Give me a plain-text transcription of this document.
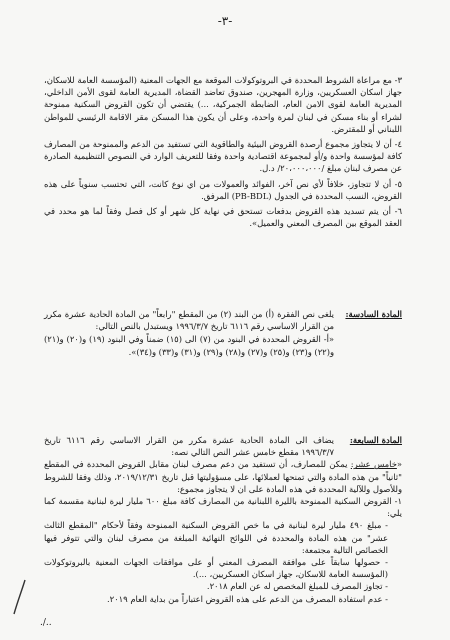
-٣-

٣- مع مراعاة الشروط المحددة في البروتوكولات الموقعة مع الجهات المعنية (المؤسسة العامة للاسكان، جهاز اسكان العسكريين، وزارة المهجرين، صندوق تعاضد القضاة، المديرية العامة لقوى الأمن الداخلي، المديرية العامة لقوى الامن العام، الضابطة الجمركية، ...) يقتضي أن تكون القروض السكنية ممنوحة لشراء أو بناء مسكن في لبنان لمرة واحدة، وعلى أن يكون هذا المسكن مقر الاقامة الرئيسي للمواطن اللبناني أو للمقترض.

٤- أن لا يتجاوز مجموع أرصدة القروض البيئية والطاقوية التي تستفيد من الدعم والممنوحة من المصارف كافة لمؤسسة واحدة و/أو لمجموعة اقتصادية واحدة وفقا للتعريف الوارد في النصوص التنظيمية الصادرة عن مصرف لبنان مبلغ /٢٠،٠٠٠،٠٠٠/ د.ل.

٥- أن لا تتجاوز، خلافاً لأي نص آخر، الفوائد والعمولات من اي نوع كانت، التي تحتسب سنوياً على هذه القروض، النسب المحددة في الجدول (PB-BDL) المرفق.

٦- أن يتم تسديد هذه القروض بدفعات تستحق في نهاية كل شهر أو كل فصل وفقاً لما هو محدد في العقد الموقع بين المصرف المعني والعميل».

المادة السادسة:

يلغى نص الفقرة (أ) من البند (٢) من المقطع "رابعاً" من المادة الحادية عشرة مكرر من القرار الاساسي رقم ٦١١٦ تاريخ ١٩٩٦/٣/٧ ويستبدل بالنص التالي:

«أ- القروض المحددة في البنود من (٧) الى (١٥) ضمناً وفي البنود (١٩) و(٢٠) و(٢١) و(٢٢) و(٢٣) و(٢٥) و(٢٧) و(٢٨) و(٢٩) و(٣١) و(٣٣) و(٣٤)».

المادة السابعة:

يضاف الى المادة الحادية عشرة مكرر من القرار الاساسي رقم ٦١١٦ تاريخ ١٩٩٦/٣/٧ مقطع خامس عشر النص التالي نصه:

«خامس عشر: يمكن للمصارف، أن تستفيد من دعم مصرف لبنان مقابل القروض المحددة في المقطع "ثانياً" من هذه المادة والتي تمنحها لعملائها، على مسؤوليتها قبل تاريخ ٢٠١٩/١٢/٣١، وذلك وفقا للشروط وللأصول وللآلية المحددة في هذه المادة على ان لا يتجاوز مجموع:

١- القروض السكنية الممنوحة بالليرة اللبنانية من المصارف كافة مبلغ ٦٠٠ مليار ليرة لبنانية مقسمة كما يلي:

- مبلغ ٤٩٠ مليار ليرة لبنانية في ما خص القروض السكنية الممنوحة وفقاً لأحكام "المقطع الثالث عشر" من هذه المادة والمحددة في اللوائح النهائية المبلغة من مصرف لبنان والتي تتوفر فيها الخصائص التالية مجتمعة:

- حصولها سابقاً على موافقة المصرف المعني أو على موافقات الجهات المعنية بالبروتوكولات (المؤسسة العامة للاسكان، جهاز اسكان العسكريين، ...).

- تجاوز المصرف للمبلغ المخصص له عن العام ٢٠١٨.

- عدم استفادة المصرف من الدعم على هذه القروض اعتباراً من بداية العام ٢٠١٩.

./..
